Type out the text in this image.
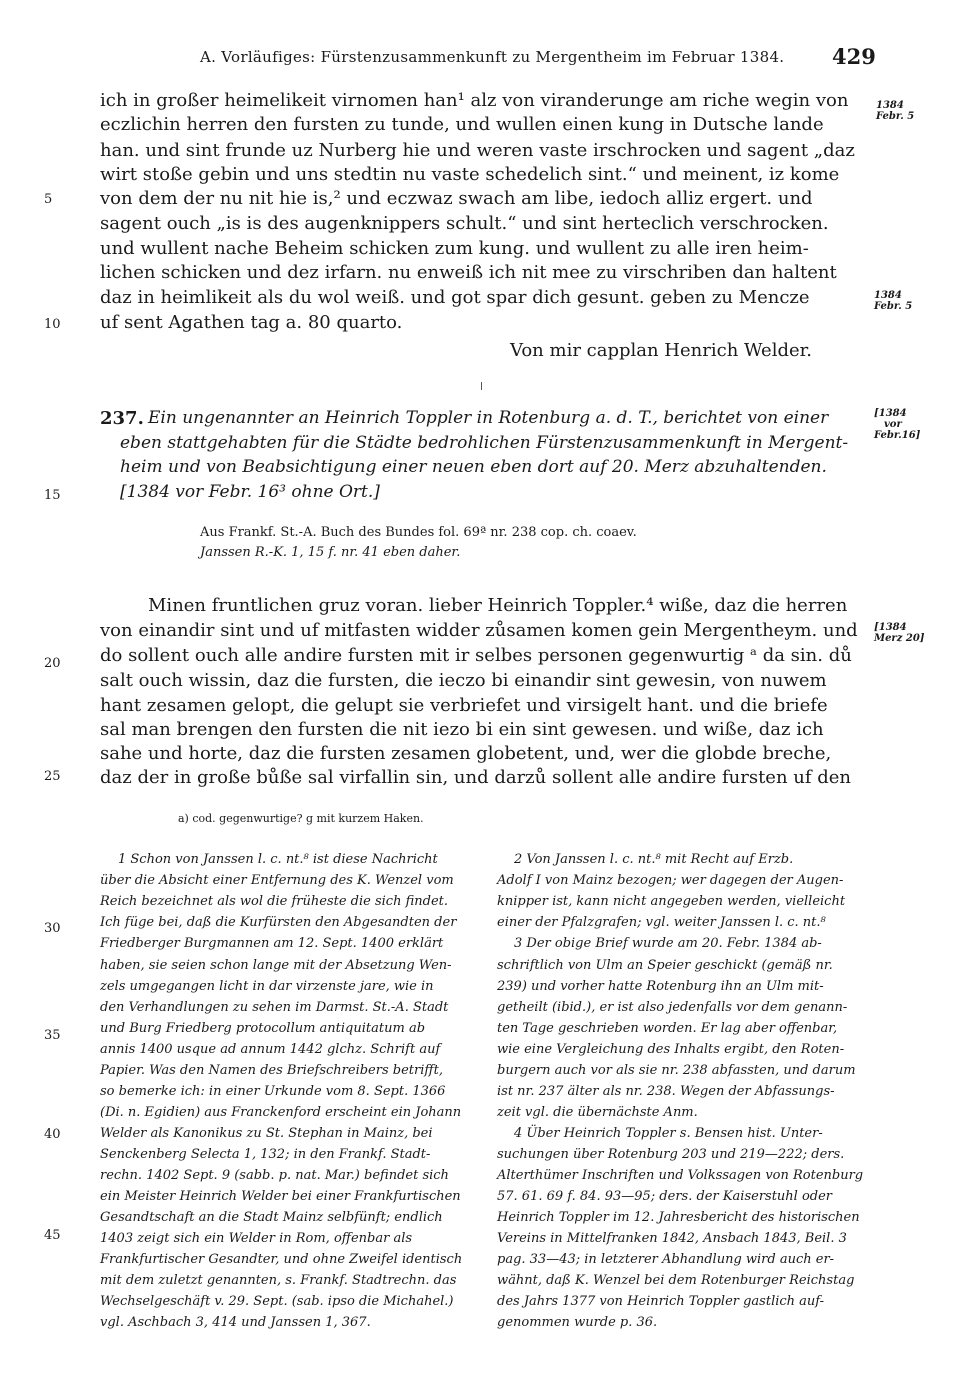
A. Vorläufiges: Fürstenzusammenkunft zu Mergentheim im Februar 1384. 429
ich in großer heimelikeit virnomen han¹ alz von viranderunge am riche wegin von
eczlichin herren den fursten zu tunde, und wullen einen kung in Dutsche lande
han. und sint frunde uz Nurberg hie und weren vaste irschrocken und sagent „daz
wirt stoße gebin und uns stedtin nu vaste schedelich sint.“ und meinent, iz kome
von dem der nu nit hie is,² und eczwaz swach am libe, iedoch alliz ergert. und
sagent ouch „is is des augenknippers schult.“ und sint herteclich verschrocken.
und wullent nache Beheim schicken zum kung. und wullent zu alle iren heim-
lichen schicken und dez irfarn. nu enweiß ich nit mee zu virschriben dan haltent
daz in heimlikeit als du wol weiß. und got spar dich gesunt. geben zu Mencze
uf sent Agathen tag a. 80 quarto.
Von mir capplan Henrich Welder.
1384
Febr. 5
1384
Febr. 5
[1384
vor
Febr.16]
[1384
Merz 20]
5
10
15
20
25
30
35
40
45
237. Ein ungenannter an Heinrich Toppler in Rotenburg a. d. T., berichtet von einer
eben stattgehabten für die Städte bedrohlichen Fürstenzusammenkunft in Mergent-
heim und von Beabsichtigung einer neuen eben dort auf 20. Merz abzuhaltenden.
[1384 vor Febr. 16³ ohne Ort.]
Aus Frankf. St.-A. Buch des Bundes fol. 69ª nr. 238 cop. ch. coaev.
Janssen R.-K. 1, 15 f. nr. 41 eben daher.
Minen fruntlichen gruz voran. lieber Heinrich Toppler.⁴ wiße, daz die herren
von einandir sint und uf mitfasten widder zůsamen komen gein Mergentheym. und
do sollent ouch alle andire fursten mit ir selbes personen gegenwurtig ᵃ da sin. dů
salt ouch wissin, daz die fursten, die ieczo bi einandir sint gewesin, von nuwem
hant zesamen gelopt, die gelupt sie verbriefet und virsigelt hant. und die briefe
sal man brengen den fursten die nit iezo bi ein sint gewesen. und wiße, daz ich
sahe und horte, daz die fursten zesamen globetent, und, wer die globde breche,
daz der in große bůße sal virfallin sin, und darzů sollent alle andire fursten uf den
a) cod. gegenwurtige? g mit kurzem Haken.
1 Schon von Janssen l. c. nt.⁸ ist diese Nachricht
über die Absicht einer Entfernung des K. Wenzel vom
Reich bezeichnet als wol die früheste die sich findet.
Ich füge bei, daß die Kurfürsten den Abgesandten der
Friedberger Burgmannen am 12. Sept. 1400 erklärt
haben, sie seien schon lange mit der Absetzung Wen-
zels umgegangen licht in dar virzenste jare, wie in
den Verhandlungen zu sehen im Darmst. St.-A. Stadt
und Burg Friedberg protocollum antiquitatum ab
annis 1400 usque ad annum 1442 glchz. Schrift auf
Papier. Was den Namen des Briefschreibers betrifft,
so bemerke ich: in einer Urkunde vom 8. Sept. 1366
(Di. n. Egidien) aus Franckenford erscheint ein Johann
Welder als Kanonikus zu St. Stephan in Mainz, bei
Senckenberg Selecta 1, 132; in den Frankf. Stadt-
rechn. 1402 Sept. 9 (sabb. p. nat. Mar.) befindet sich
ein Meister Heinrich Welder bei einer Frankfurtischen
Gesandtschaft an die Stadt Mainz selbfünft; endlich
1403 zeigt sich ein Welder in Rom, offenbar als
Frankfurtischer Gesandter, und ohne Zweifel identisch
mit dem zuletzt genannten, s. Frankf. Stadtrechn. das
Wechselgeschäft v. 29. Sept. (sab. ipso die Michahel.)
vgl. Aschbach 3, 414 und Janssen 1, 367.
2 Von Janssen l. c. nt.⁸ mit Recht auf Erzb.
Adolf I von Mainz bezogen; wer dagegen der Augen-
knipper ist, kann nicht angegeben werden, vielleicht
einer der Pfalzgrafen; vgl. weiter Janssen l. c. nt.⁸
3 Der obige Brief wurde am 20. Febr. 1384 ab-
schriftlich von Ulm an Speier geschickt (gemäß nr.
239) und vorher hatte Rotenburg ihn an Ulm mit-
getheilt (ibid.), er ist also jedenfalls vor dem genann-
ten Tage geschrieben worden. Er lag aber offenbar,
wie eine Vergleichung des Inhalts ergibt, den Roten-
burgern auch vor als sie nr. 238 abfassten, und darum
ist nr. 237 älter als nr. 238. Wegen der Abfassungs-
zeit vgl. die übernächste Anm.
4 Über Heinrich Toppler s. Bensen hist. Unter-
suchungen über Rotenburg 203 und 219—222; ders.
Alterthümer Inschriften und Volkssagen von Rotenburg
57. 61. 69 f. 84. 93—95; ders. der Kaiserstuhl oder
Heinrich Toppler im 12. Jahresbericht des historischen
Vereins in Mittelfranken 1842, Ansbach 1843, Beil. 3
pag. 33—43; in letzterer Abhandlung wird auch er-
wähnt, daß K. Wenzel bei dem Rotenburger Reichstag
des Jahrs 1377 von Heinrich Toppler gastlich auf-
genommen wurde p. 36.
